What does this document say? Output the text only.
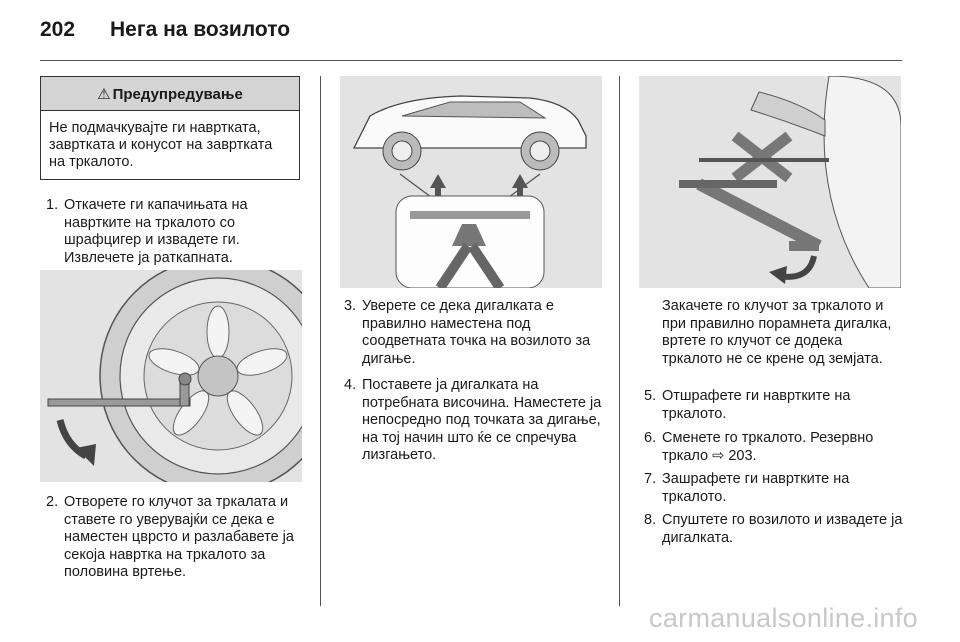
202 Нега на возилото
⚠ Предупредување
Не подмачкувајте ги навртката, завртката и конусот на завртката на тркалото.
1. Откачете ги капачињата на навртките на тркалото со шрафцигер и извадете ги. Извлечете ја раткапната.
2. Отворете го клучот за тркалата и ставете го уверувајќи се дека е наместен цврсто и разлабавете ја секоја навртка на тркалото за половина вртење.
3. Уверете се дека дигалката е правилно наместена под соодветната точка на возилото за дигање.
4. Поставете ја дигалката на потребната височина. Наместете ја непосредно под точката за дигање, на тој начин што ќе се спречува лизгањето.
Закачете го клучот за тркалото и при правилно порамнета дигалка, вртете го клучот се додека тркалото не се крене од земјата.
5. Отшрафете ги навртките на тркалото.
6. Сменете го тркалото. Резервно тркало ⇨ 203.
7. Зашрафете ги навртките на тркалото.
8. Спуштете го возилото и извадете ја дигалката.
carmanualsonline.info
